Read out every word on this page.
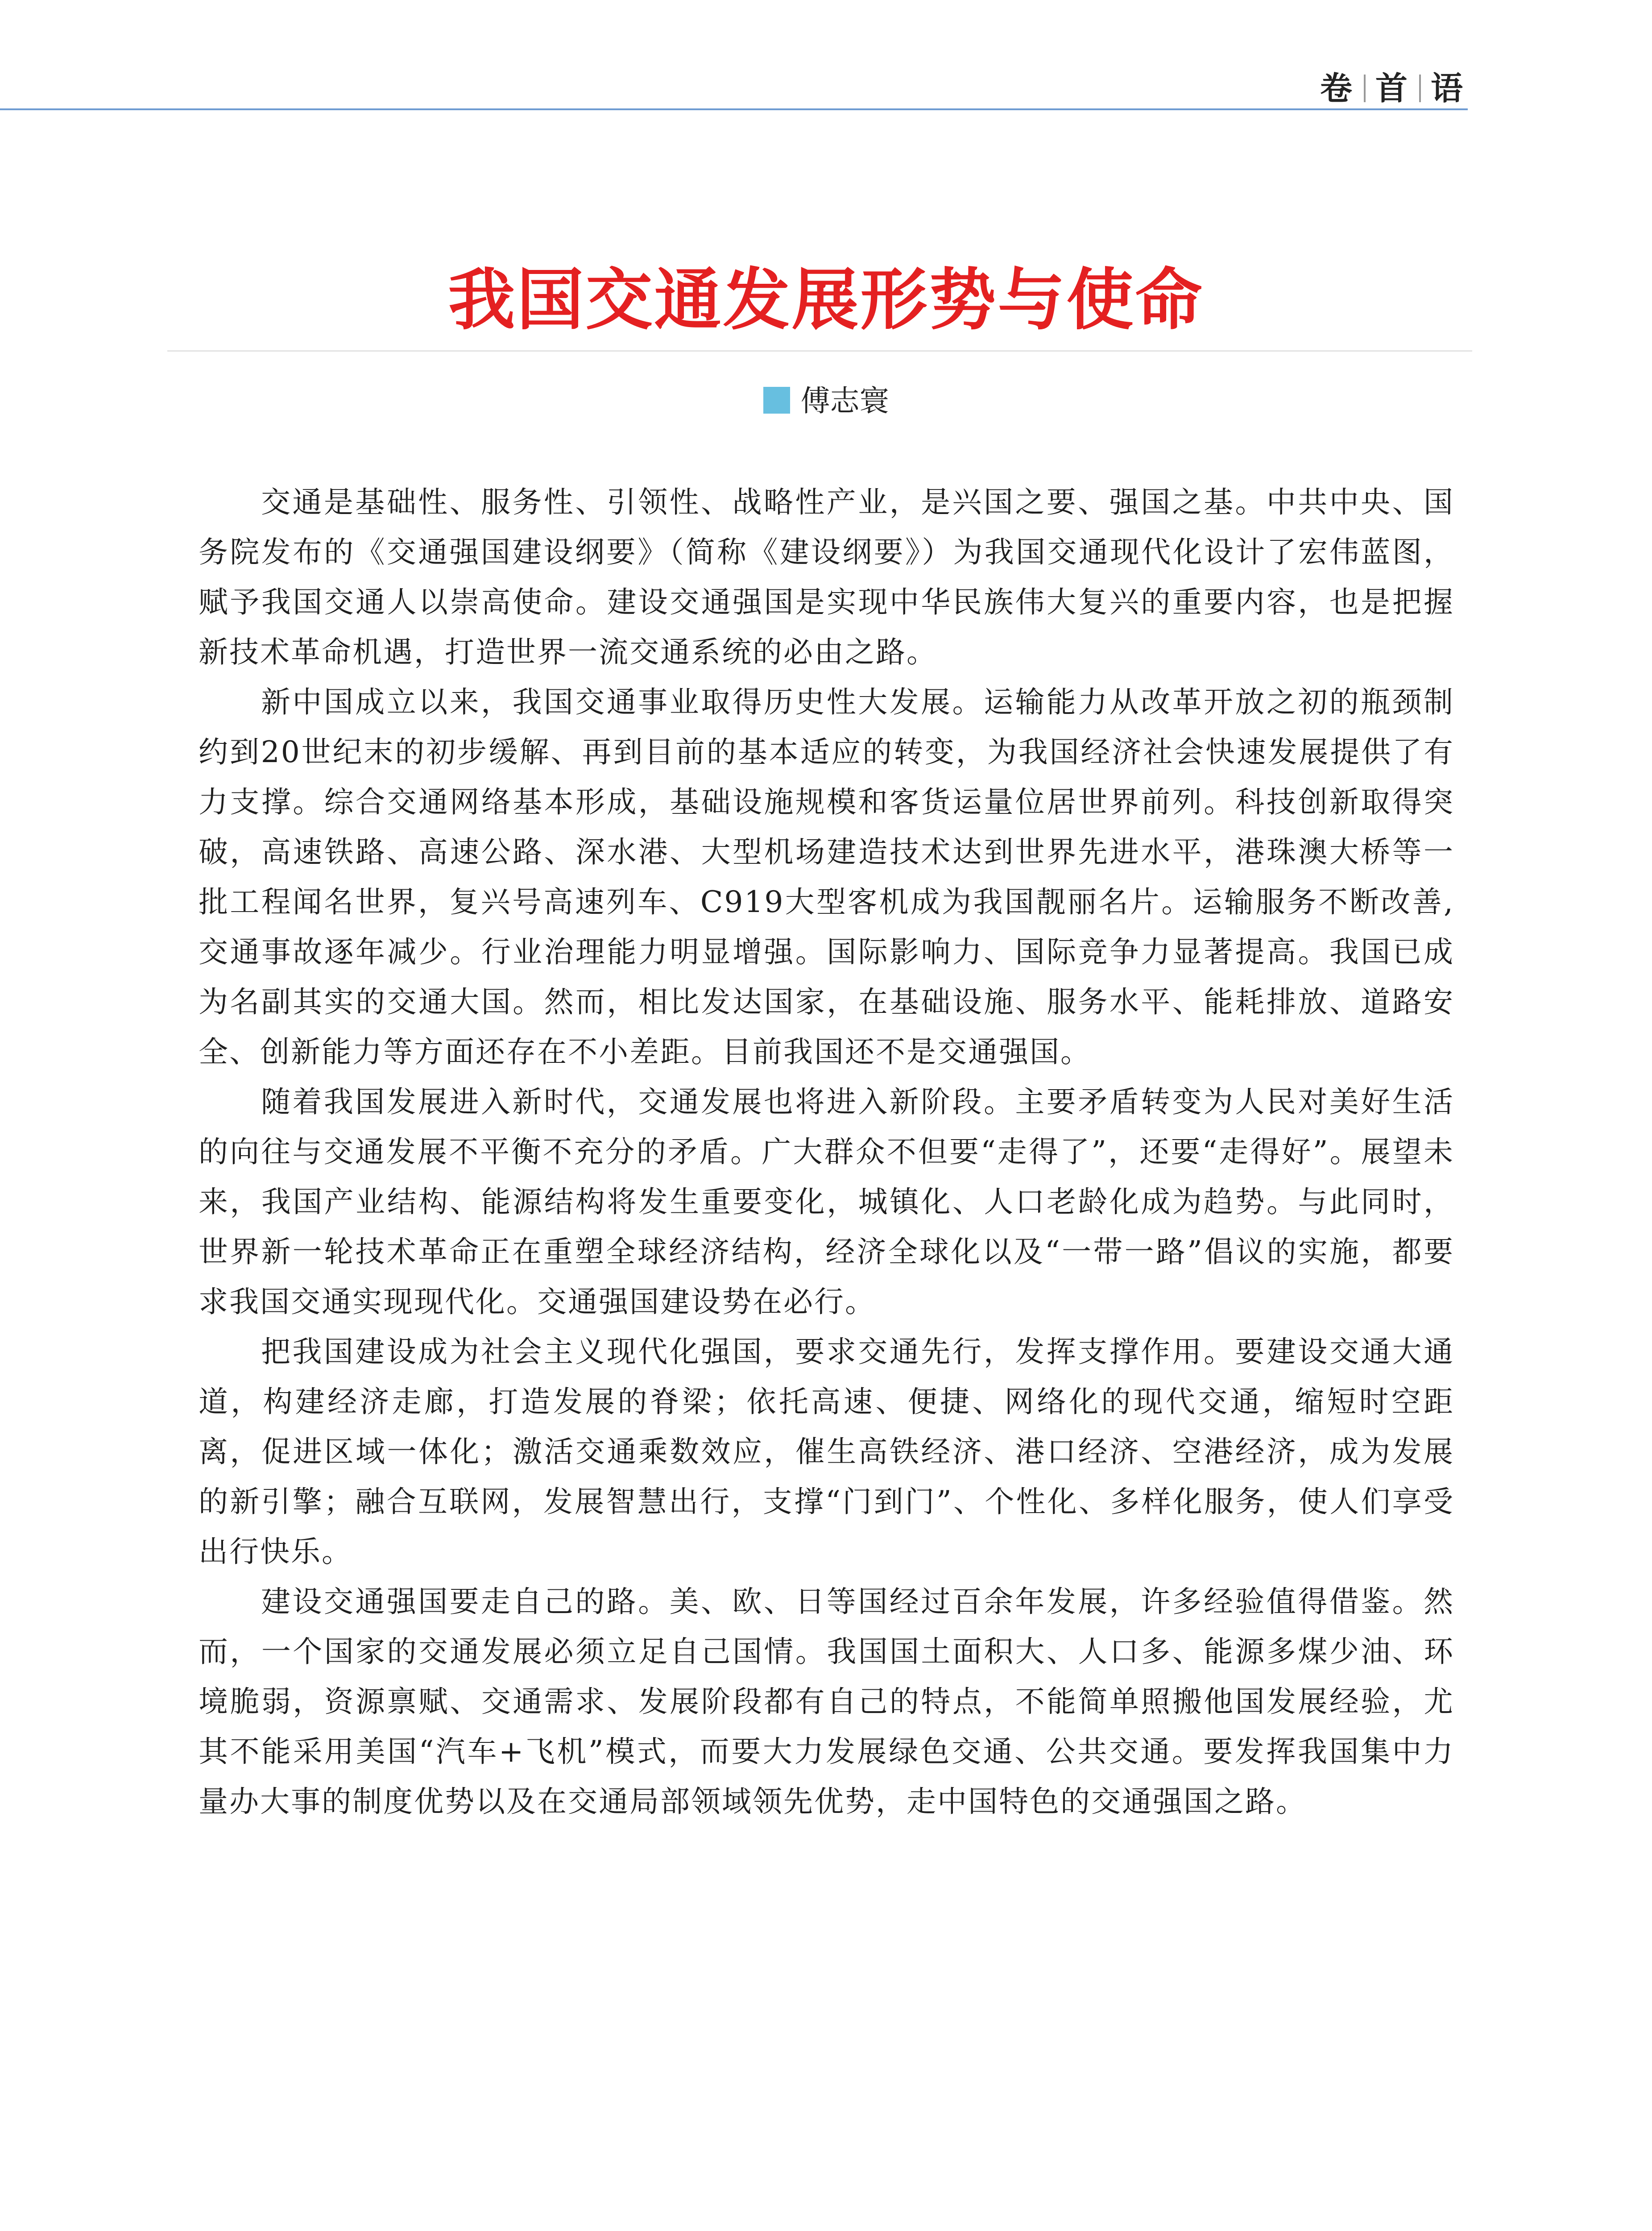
卷 首 语
我国交通发展形势与使命
傅志寰

交通是基础性、服务性、引领性、战略性产业，是兴国之要、强国之基。中共中央、国务院发布的《交通强国建设纲要》（简称《建设纲要》）为我国交通现代化设计了宏伟蓝图，赋予我国交通人以崇高使命。建设交通强国是实现中华民族伟大复兴的重要内容，也是把握新技术革命机遇，打造世界一流交通系统的必由之路。

新中国成立以来，我国交通事业取得历史性大发展。运输能力从改革开放之初的瓶颈制约到20世纪末的初步缓解、再到目前的基本适应的转变，为我国经济社会快速发展提供了有力支撑。综合交通网络基本形成，基础设施规模和客货运量位居世界前列。科技创新取得突破，高速铁路、高速公路、深水港、大型机场建造技术达到世界先进水平，港珠澳大桥等一批工程闻名世界，复兴号高速列车、C919大型客机成为我国靓丽名片。运输服务不断改善,交通事故逐年减少。行业治理能力明显增强。国际影响力、国际竞争力显著提高。我国已成为名副其实的交通大国。然而，相比发达国家，在基础设施、服务水平、能耗排放、道路安全、创新能力等方面还存在不小差距。目前我国还不是交通强国。

随着我国发展进入新时代，交通发展也将进入新阶段。主要矛盾转变为人民对美好生活的向往与交通发展不平衡不充分的矛盾。广大群众不但要“走得了”，还要“走得好”。展望未来，我国产业结构、能源结构将发生重要变化，城镇化、人口老龄化成为趋势。与此同时，世界新一轮技术革命正在重塑全球经济结构，经济全球化以及“一带一路”倡议的实施，都要求我国交通实现现代化。交通强国建设势在必行。

把我国建设成为社会主义现代化强国，要求交通先行，发挥支撑作用。要建设交通大通道，构建经济走廊，打造发展的脊梁；依托高速、便捷、网络化的现代交通，缩短时空距离，促进区域一体化；激活交通乘数效应，催生高铁经济、港口经济、空港经济，成为发展的新引擎；融合互联网，发展智慧出行，支撑“门到门”、个性化、多样化服务，使人们享受出行快乐。

建设交通强国要走自己的路。美、欧、日等国经过百余年发展，许多经验值得借鉴。然而，一个国家的交通发展必须立足自己国情。我国国土面积大、人口多、能源多煤少油、环境脆弱，资源禀赋、交通需求、发展阶段都有自己的特点，不能简单照搬他国发展经验，尤其不能采用美国“汽车+飞机”模式，而要大力发展绿色交通、公共交通。要发挥我国集中力量办大事的制度优势以及在交通局部领域领先优势，走中国特色的交通强国之路。
